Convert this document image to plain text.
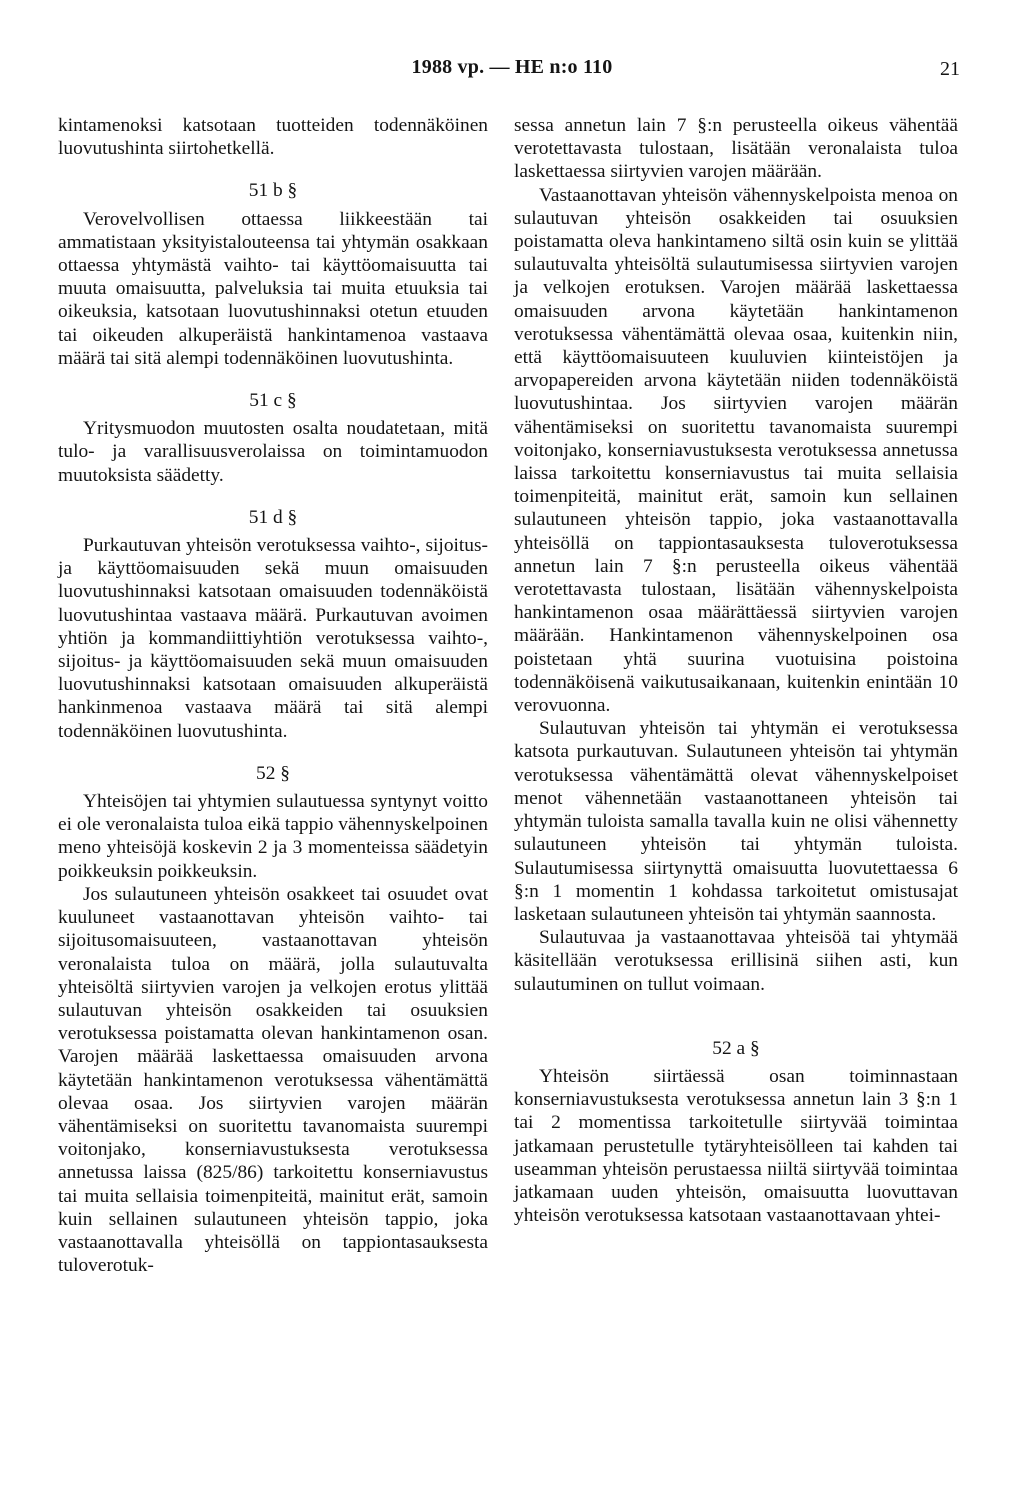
1988 vp. — HE n:o 110	21

kintamenoksi katsotaan tuotteiden todennäköinen luovutushinta siirtohetkellä.

51 b §

Verovelvollisen ottaessa liikkeestään tai ammatistaan yksityistalouteensa tai yhtymän osakkaan ottaessa yhtymästä vaihto- tai käyttöomaisuutta tai muuta omaisuutta, palveluksia tai muita etuuksia tai oikeuksia, katsotaan luovutushinnaksi otetun etuuden tai oikeuden alkuperäistä hankintamenoa vastaava määrä tai sitä alempi todennäköinen luovutushinta.

51 c §

Yritysmuodon muutosten osalta noudatetaan, mitä tulo- ja varallisuusverolaissa on toimintamuodon muutoksista säädetty.

51 d §

Purkautuvan yhteisön verotuksessa vaihto-, sijoitus- ja käyttöomaisuuden sekä muun omaisuuden luovutushinnaksi katsotaan omaisuuden todennäköistä luovutushintaa vastaava määrä. Purkautuvan avoimen yhtiön ja kommandiittiyhtiön verotuksessa vaihto-, sijoitus- ja käyttöomaisuuden sekä muun omaisuuden luovutushinnaksi katsotaan omaisuuden alkuperäistä hankinmenoa vastaava määrä tai sitä alempi todennäköinen luovutushinta.

52 §

Yhteisöjen tai yhtymien sulautuessa syntynyt voitto ei ole veronalaista tuloa eikä tappio vähennyskelpoinen meno yhteisöjä koskevin 2 ja 3 momenteissa säädetyin poikkeuksin poikkeuksin.

Jos sulautuneen yhteisön osakkeet tai osuudet ovat kuuluneet vastaanottavan yhteisön vaihto- tai sijoitusomaisuuteen, vastaanottavan yhteisön veronalaista tuloa on määrä, jolla sulautuvalta yhteisöltä siirtyvien varojen ja velkojen erotus ylittää sulautuvan yhteisön osakkeiden tai osuuksien verotuksessa poistamatta olevan hankintamenon osan. Varojen määrää laskettaessa omaisuuden arvona käytetään hankintamenon verotuksessa vähentämättä olevaa osaa. Jos siirtyvien varojen määrän vähentämiseksi on suoritettu tavanomaista suurempi voitonjako, konserniavustuksesta verotuksessa annetussa laissa (825/86) tarkoitettu konserniavustus tai muita sellaisia toimenpiteitä, mainitut erät, samoin kuin sellainen sulautuneen yhteisön tappio, joka vastaanottavalla yhteisöllä on tappiontasauksesta tuloverotuk-

sessa annetun lain 7 §:n perusteella oikeus vähentää verotettavasta tulostaan, lisätään veronalaista tuloa laskettaessa siirtyvien varojen määrään.

Vastaanottavan yhteisön vähennyskelpoista menoa on sulautuvan yhteisön osakkeiden tai osuuksien poistamatta oleva hankintameno siltä osin kuin se ylittää sulautuvalta yhteisöltä sulautumisessa siirtyvien varojen ja velkojen erotuksen. Varojen määrää laskettaessa omaisuuden arvona käytetään hankintamenon verotuksessa vähentämättä olevaa osaa, kuitenkin niin, että käyttöomaisuuteen kuuluvien kiinteistöjen ja arvopapereiden arvona käytetään niiden todennäköistä luovutushintaa. Jos siirtyvien varojen määrän vähentämiseksi on suoritettu tavanomaista suurempi voitonjako, konserniavustuksesta verotuksessa annetussa laissa tarkoitettu konserniavustus tai muita sellaisia toimenpiteitä, mainitut erät, samoin kun sellainen sulautuneen yhteisön tappio, joka vastaanottavalla yhteisöllä on tappiontasauksesta tuloverotuksessa annetun lain 7 §:n perusteella oikeus vähentää verotettavasta tulostaan, lisätään vähennyskelpoista hankintamenon osaa määrättäessä siirtyvien varojen määrään. Hankintamenon vähennyskelpoinen osa poistetaan yhtä suurina vuotuisina poistoina todennäköisenä vaikutusaikanaan, kuitenkin enintään 10 verovuonna.

Sulautuvan yhteisön tai yhtymän ei verotuksessa katsota purkautuvan. Sulautuneen yhteisön tai yhtymän verotuksessa vähentämättä olevat vähennyskelpoiset menot vähennetään vastaanottaneen yhteisön tai yhtymän tuloista samalla tavalla kuin ne olisi vähennetty sulautuneen yhteisön tai yhtymän tuloista. Sulautumisessa siirtynyttä omaisuutta luovutettaessa 6 §:n 1 momentin 1 kohdassa tarkoitetut omistusajat lasketaan sulautuneen yhteisön tai yhtymän saannosta.

Sulautuvaa ja vastaanottavaa yhteisöä tai yhtymää käsitellään verotuksessa erillisinä siihen asti, kun sulautuminen on tullut voimaan.

52 a §

Yhteisön siirtäessä osan toiminnastaan konserniavustuksesta verotuksessa annetun lain 3 §:n 1 tai 2 momentissa tarkoitetulle siirtyvää toimintaa jatkamaan perustetulle tytäryhteisölleen tai kahden tai useamman yhteisön perustaessa niiltä siirtyvää toimintaa jatkamaan uuden yhteisön, omaisuutta luovuttavan yhteisön verotuksessa katsotaan vastaanottavaan yhtei-
